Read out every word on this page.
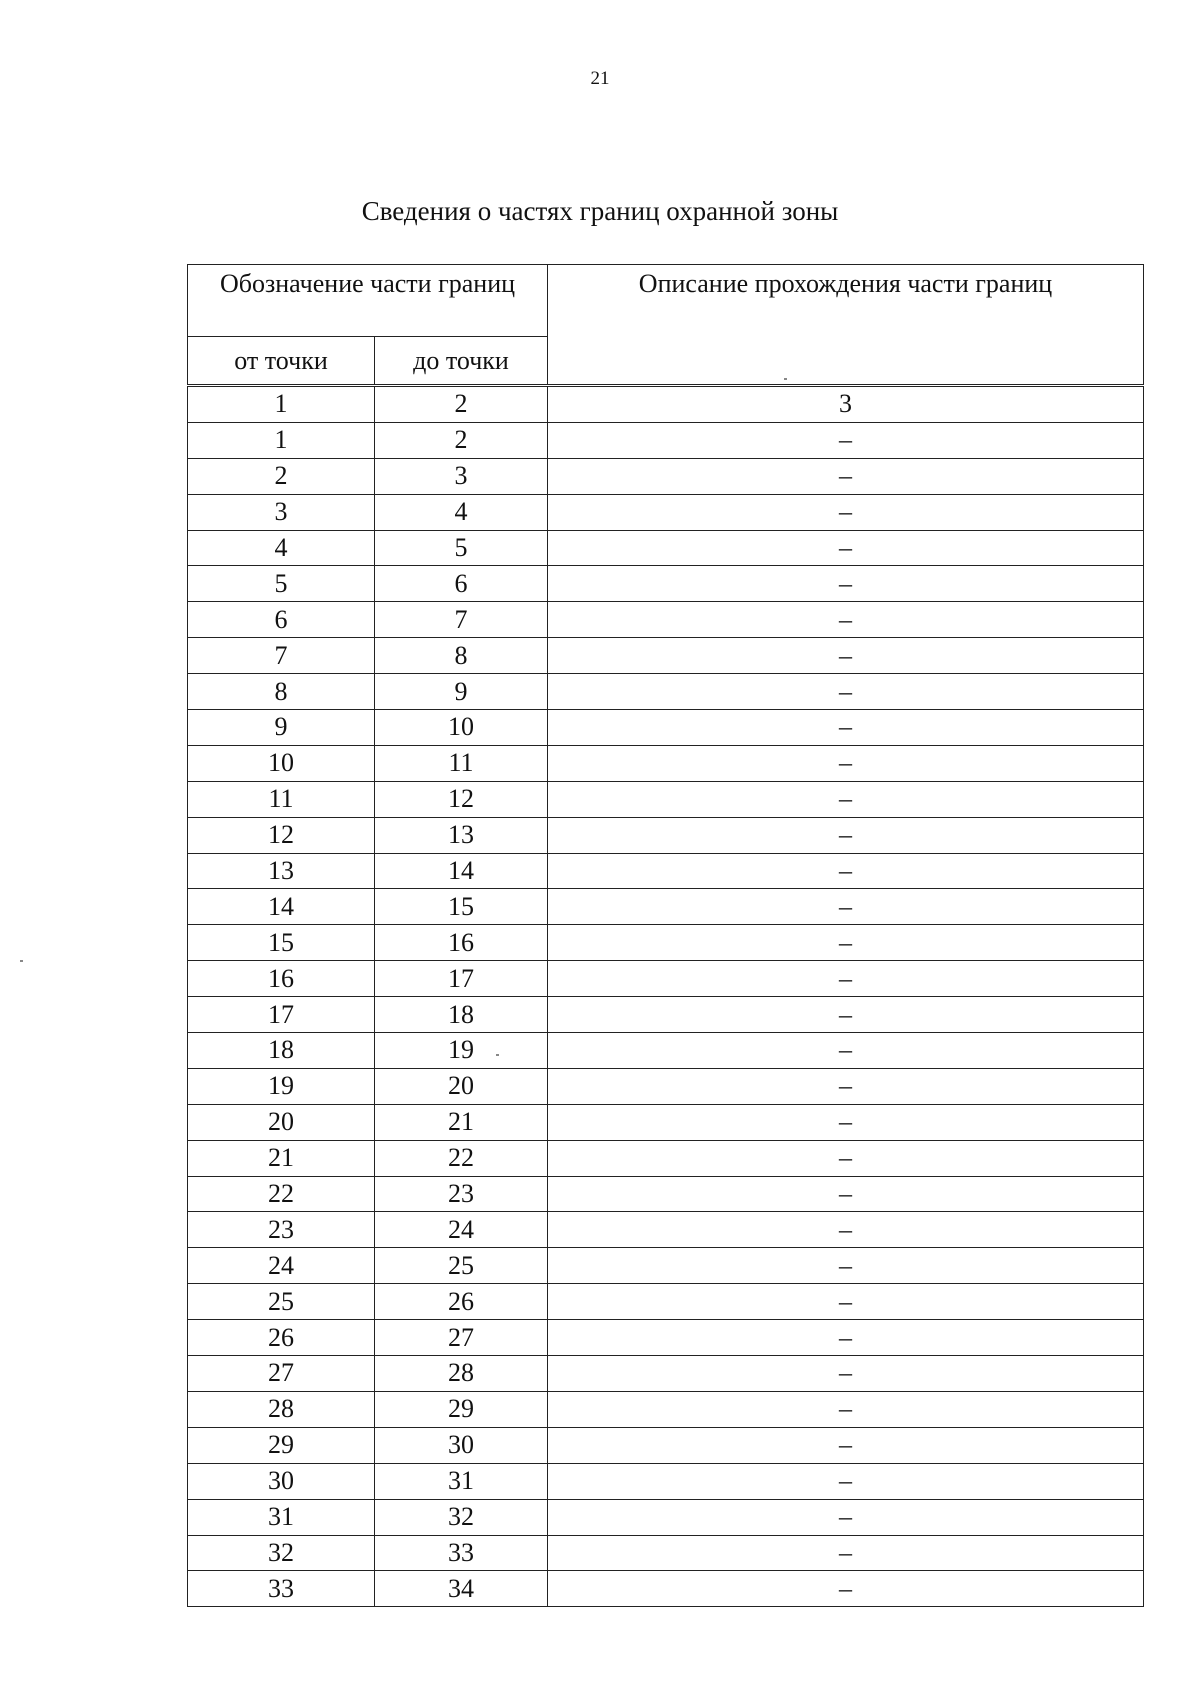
21
Сведения о частях границ охранной зоны
Обозначение части границ		Описание прохождения части границ
от точки	до точки	
1	2	3
1	2	–
2	3	–
3	4	–
4	5	–
5	6	–
6	7	–
7	8	–
8	9	–
9	10	–
10	11	–
11	12	–
12	13	–
13	14	–
14	15	–
15	16	–
16	17	–
17	18	–
18	19	–
19	20	–
20	21	–
21	22	–
22	23	–
23	24	–
24	25	–
25	26	–
26	27	–
27	28	–
28	29	–
29	30	–
30	31	–
31	32	–
32	33	–
33	34	–
